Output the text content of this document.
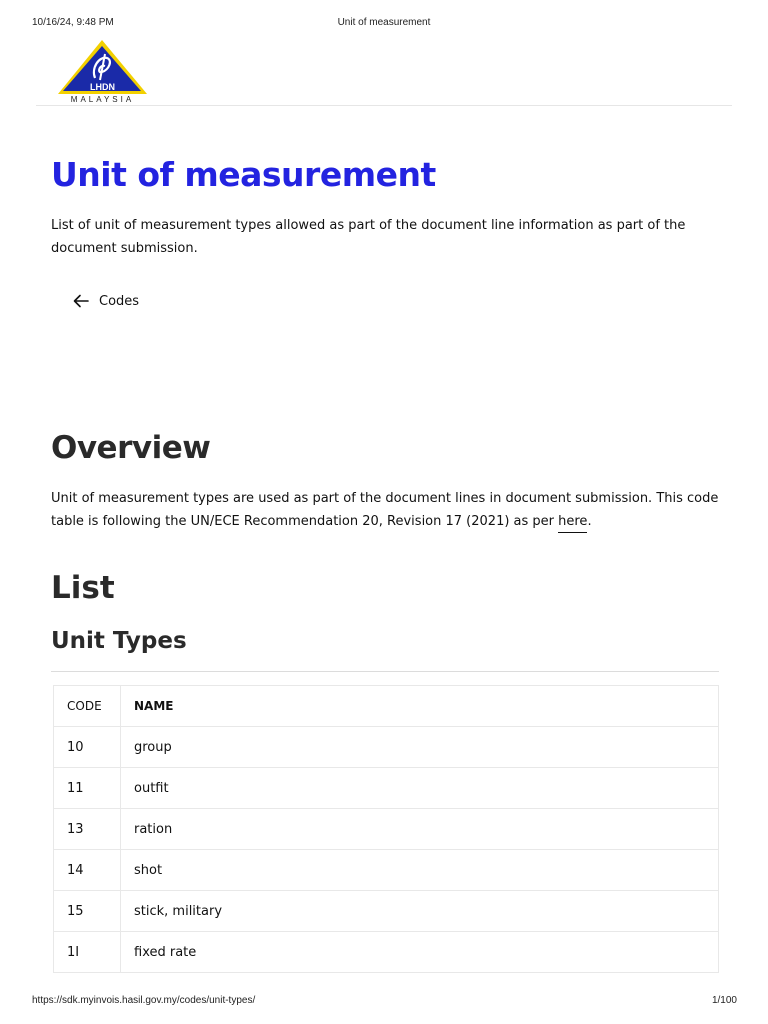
10/16/24, 9:48 PM	Unit of measurement
LHDN
MALAYSIA
Unit of measurement

List of unit of measurement types allowed as part of the document line information as part of the document submission.

Codes
Overview

Unit of measurement types are used as part of the document lines in document submission. This code table is following the UN/ECE Recommendation 20, Revision 17 (2021) as per here.

List
Unit Types
CODE	NAME
10	group
11	outfit
13	ration
14	shot
15	stick, military
1I	fixed rate
https://sdk.myinvois.hasil.gov.my/codes/unit-types/	1/100
